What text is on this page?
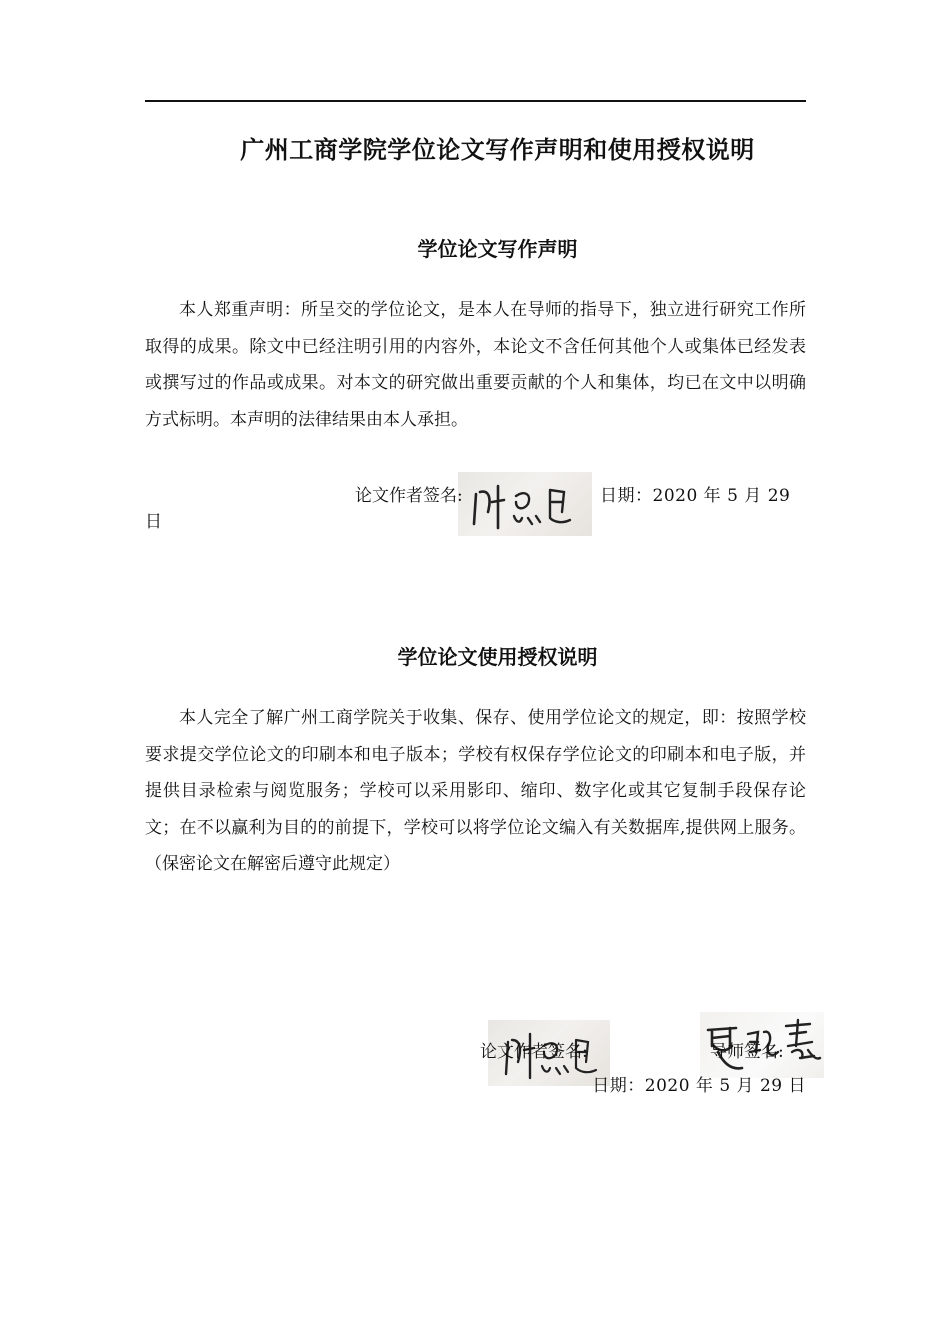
广州工商学院学位论文写作声明和使用授权说明
学位论文写作声明
本人郑重声明：所呈交的学位论文，是本人在导师的指导下，独立进行研究工作所取得的成果。除文中已经注明引用的内容外，本论文不含任何其他个人或集体已经发表或撰写过的作品或成果。对本文的研究做出重要贡献的个人和集体，均已在文中以明确方式标明。本声明的法律结果由本人承担。
论文作者签名:	日期：2020 年 5 月 29
日
学位论文使用授权说明
本人完全了解广州工商学院关于收集、保存、使用学位论文的规定，即：按照学校要求提交学位论文的印刷本和电子版本；学校有权保存学位论文的印刷本和电子版，并提供目录检索与阅览服务；学校可以采用影印、缩印、数字化或其它复制手段保存论文；在不以赢利为目的的前提下，学校可以将学位论文编入有关数据库,提供网上服务。（保密论文在解密后遵守此规定）
论文作者签名:	导师签名:
日期：2020 年 5 月 29 日
